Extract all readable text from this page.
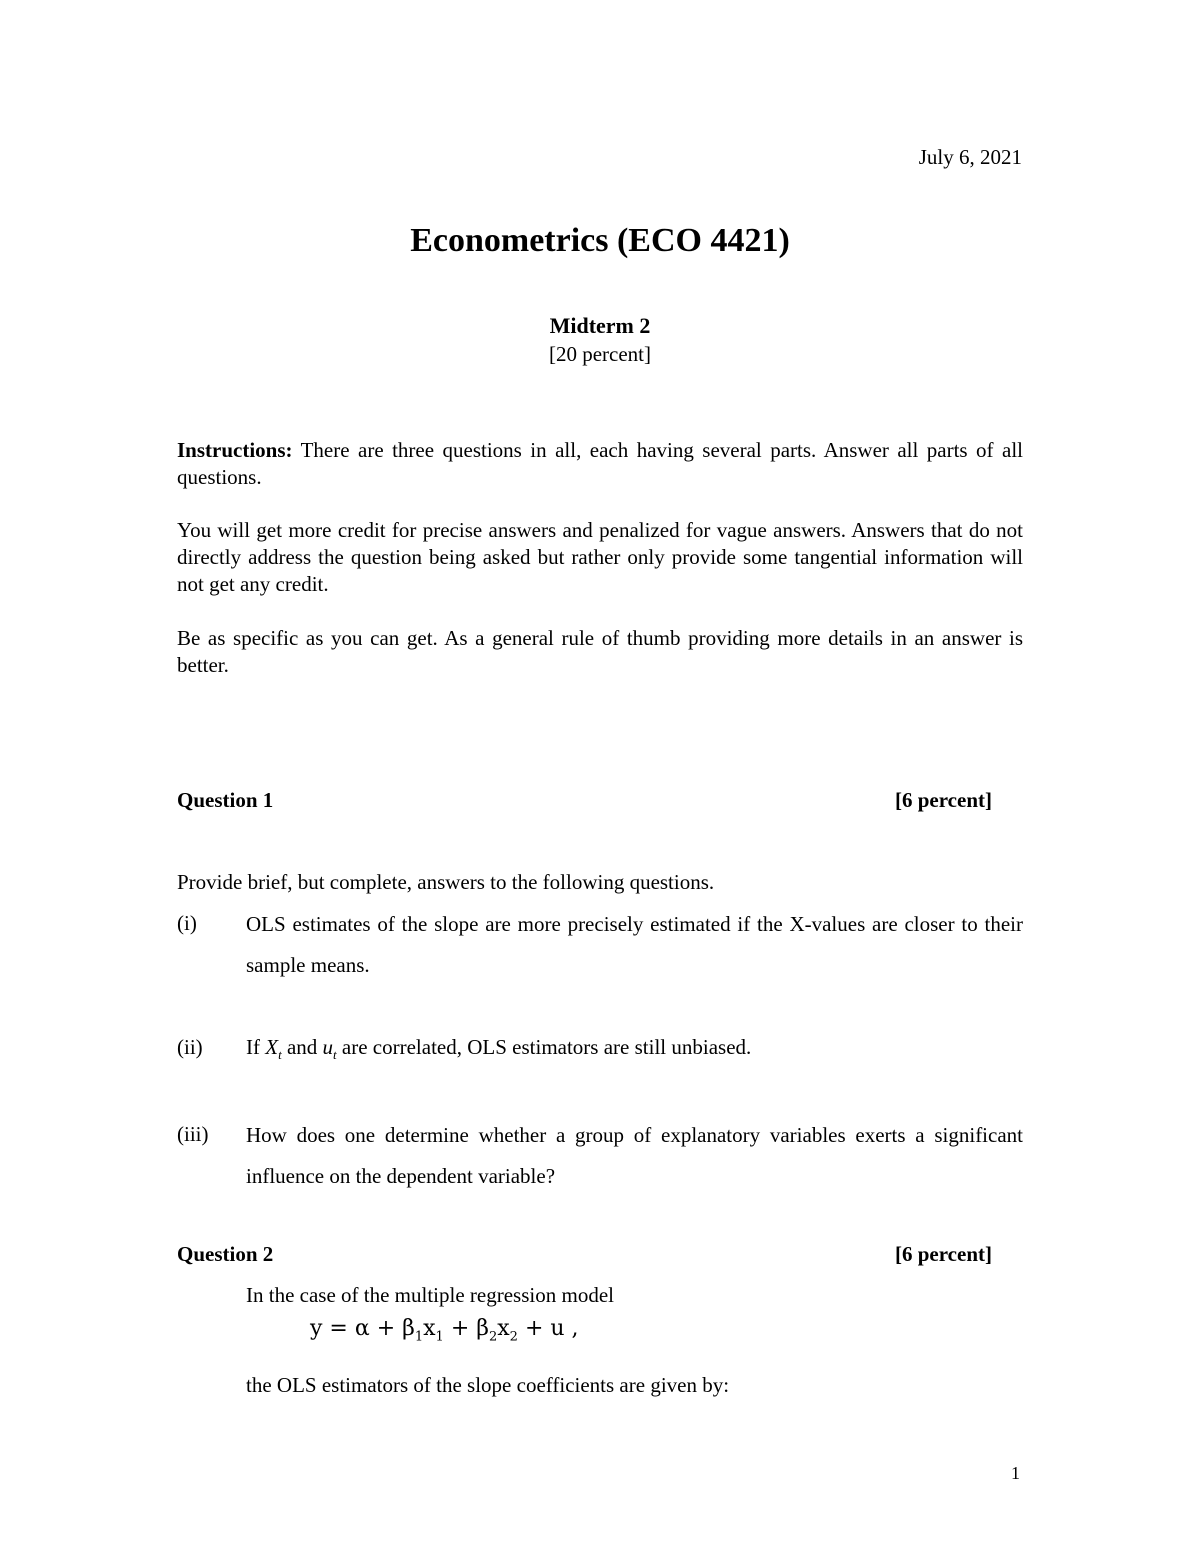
July 6, 2021
Econometrics (ECO 4421)
Midterm 2
[20 percent]
Instructions: There are three questions in all, each having several parts. Answer all parts of all questions.
You will get more credit for precise answers and penalized for vague answers. Answers that do not directly address the question being asked but rather only provide some tangential information will not get any credit.
Be as specific as you can get. As a general rule of thumb providing more details in an answer is better.
Question 1	[6 percent]
Provide brief, but complete, answers to the following questions.
(i) OLS estimates of the slope are more precisely estimated if the X-values are closer to their sample means.
(ii) If $X_t$ and $u_t$ are correlated, OLS estimators are still unbiased.
(iii) How does one determine whether a group of explanatory variables exerts a significant influence on the dependent variable?
Question 2	[6 percent]
In the case of the multiple regression model
$y = \alpha + \beta_1x_1 + \beta_2x_2 + u$ ,
the OLS estimators of the slope coefficients are given by:
1
